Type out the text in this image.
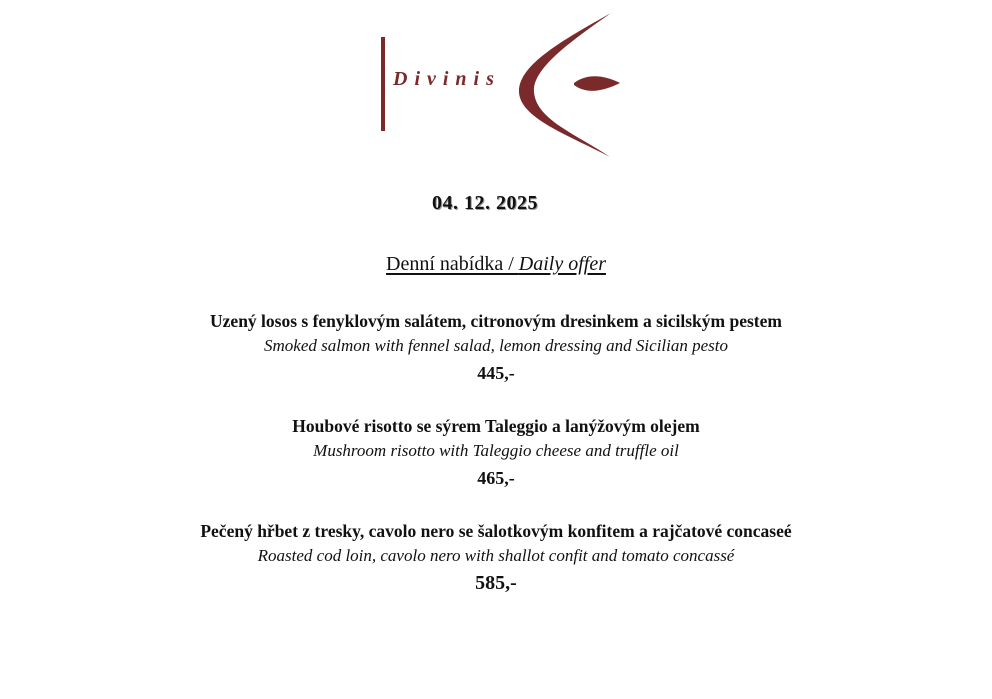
Divinis
04. 12. 2025
Denní nabídka / Daily offer
Uzený losos s fenyklovým salátem, citronovým dresinkem a sicilským pestem
Smoked salmon with fennel salad, lemon dressing and Sicilian pesto
445,-
Houbové risotto se sýrem Taleggio a lanýžovým olejem
Mushroom risotto with Taleggio cheese and truffle oil
465,-
Pečený hřbet z tresky, cavolo nero se šalotkovým konfitem a rajčatové concaseé
Roasted cod loin, cavolo nero with shallot confit and tomato concassé
585,-
